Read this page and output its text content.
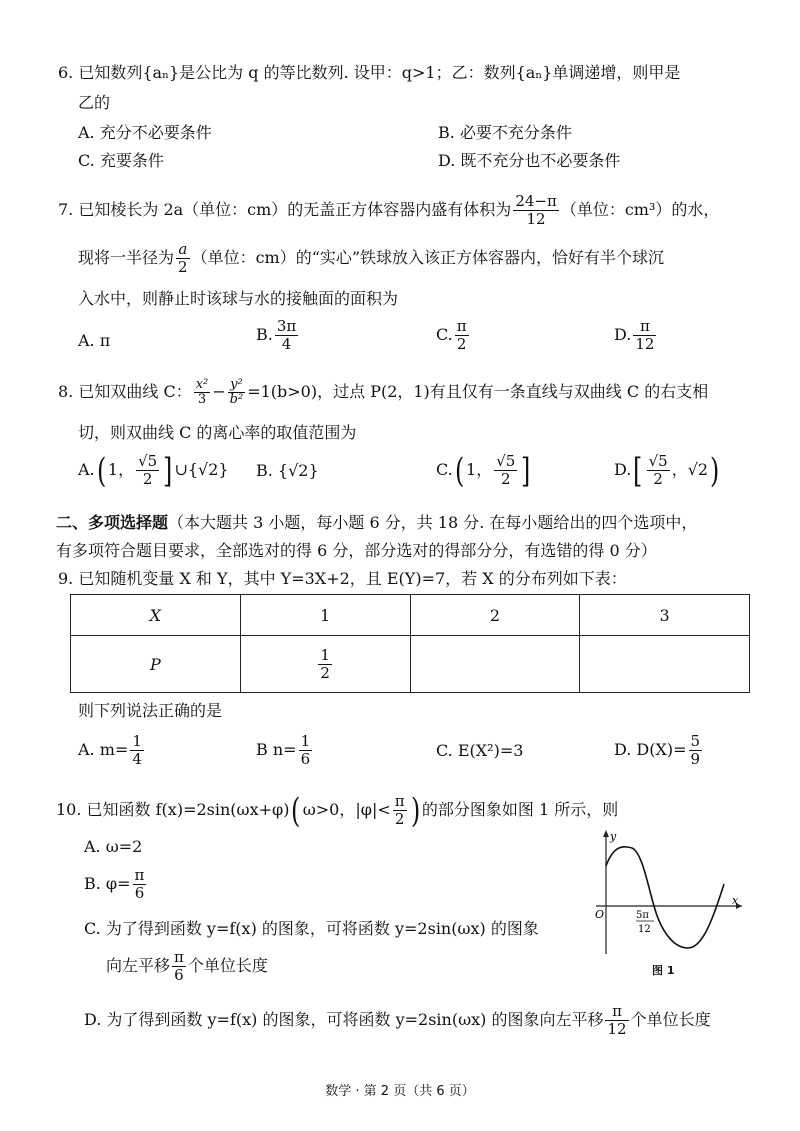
6. 已知数列{aₙ}是公比为 q 的等比数列. 设甲：q>1；乙：数列{aₙ}单调递增，则甲是
乙的
A. 充分不必要条件	B. 必要不充分条件
C. 充要条件	D. 既不充分也不必要条件
7. 已知棱长为 2a（单位：cm）的无盖正方体容器内盛有体积为 $\frac{24-\pi}{12}$ （单位：cm³）的水，
现将一半径为 $\frac{a}{2}$ （单位：cm）的“实心”铁球放入该正方体容器内，恰好有半个球沉
入水中，则静止时该球与水的接触面的面积为
A. π	B. $\frac{3\pi}{4}$	C. $\frac{\pi}{2}$	D. $\frac{\pi}{12}$
8. 已知双曲线 C： $\frac{\text{x²}}{3} - \frac{\text{y²}}{\text{b²}} =1(b>0)$，过点 P(2，1)有且仅有一条直线与双曲线 C 的右支相
切，则双曲线 C 的离心率的取值范围为
A.( 1， $\frac{√5}{2}$ ] ∪{√2} B. {√2}	C.( 1， $\frac{√5}{2}$ ]	$D.[ \frac{√5}{2}$ ，√2)
二、多项选择题（本大题共 3 小题，每小题 6 分，共 18 分. 在每小题给出的四个选项中，
有多项符合题目要求，全部选对的得 6 分，部分选对的得部分分，有选错的得 0 分）
9. 已知随机变量 X 和 Y，其中 Y=3X+2，且 E(Y)=7，若 X 的分布列如下表：
X	1	2	3
P	$\frac{1}{2}$

则下列说法正确的是
A. $m= \frac{1}{4}$	B $n= \frac{1}{6}$	C. E(X²)=3	D. $D(X)= \frac{5}{9}$
10. 已知函数 f(x)=2sin(ωx+φ)( ω>0，$|\varphi|< \frac{\pi}{2}$ ) 的部分图象如图 1 所示，则
A. ω=2
B. $\varphi= \frac{\pi}{6}$
C. 为了得到函数 y=f(x) 的图象，可将函数 y=2sin(ωx) 的图象
向左平移 $\frac{\pi}{6}$ 个单位长度
D. 为了得到函数 y=f(x) 的图象，可将函数 y=2sin(ωx) 的图象向左平移 $\frac{\pi}{12}$ 个单位长度
y
x
O	5π
12
图 1
数学 · 第 2 页（共 6 页）
